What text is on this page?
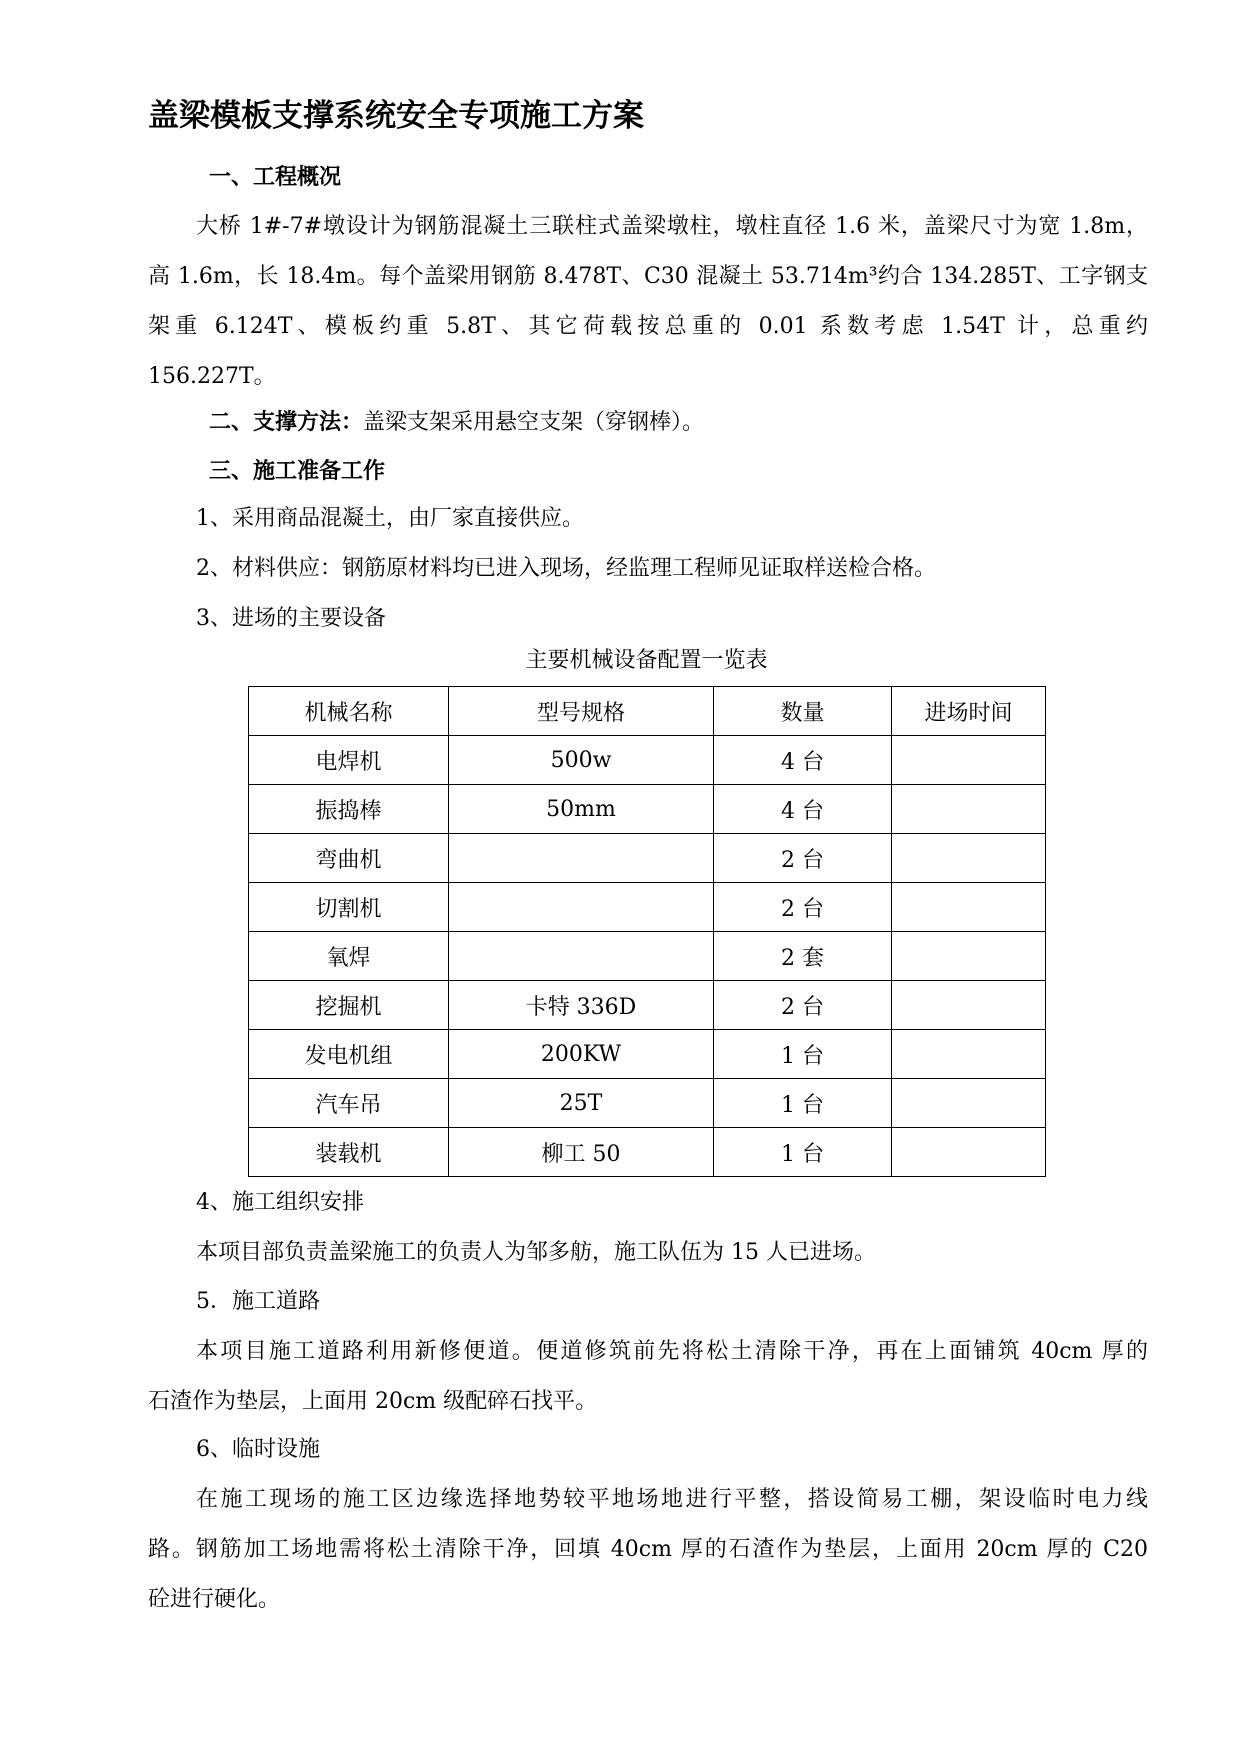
盖梁模板支撑系统安全专项施工方案
一、工程概况
大桥 1#-7#墩设计为钢筋混凝土三联柱式盖梁墩柱，墩柱直径 1.6 米，盖梁尺寸为宽 1.8m，
高 1.6m，长 18.4m。每个盖梁用钢筋 8.478T、C30 混凝土 53.714m³约合 134.285T、工字钢支
架重 6.124T、模板约重 5.8T、其它荷载按总重的 0.01 系数考虑 1.54T 计，总重约
156.227T。
二、支撑方法：盖梁支架采用悬空支架（穿钢棒）。
三、施工准备工作
1、采用商品混凝土，由厂家直接供应。
2、材料供应：钢筋原材料均已进入现场，经监理工程师见证取样送检合格。
3、进场的主要设备
主要机械设备配置一览表
机械名称	型号规格	数量	进场时间
电焊机	500w	4 台	
振捣棒	50mm	4 台	
弯曲机		2 台	
切割机		2 台	
氧焊		2 套	
挖掘机	卡特 336D	2 台	
发电机组	200KW	1 台	
汽车吊	25T	1 台	
装载机	柳工 50	1 台	
4、施工组织安排
本项目部负责盖梁施工的负责人为邹多舫，施工队伍为 15 人已进场。
5．施工道路
本项目施工道路利用新修便道。便道修筑前先将松土清除干净，再在上面铺筑 40cm 厚的
石渣作为垫层，上面用 20cm 级配碎石找平。
6、临时设施
在施工现场的施工区边缘选择地势较平地场地进行平整，搭设简易工棚，架设临时电力线
路。钢筋加工场地需将松土清除干净，回填 40cm 厚的石渣作为垫层，上面用 20cm 厚的 C20
砼进行硬化。
